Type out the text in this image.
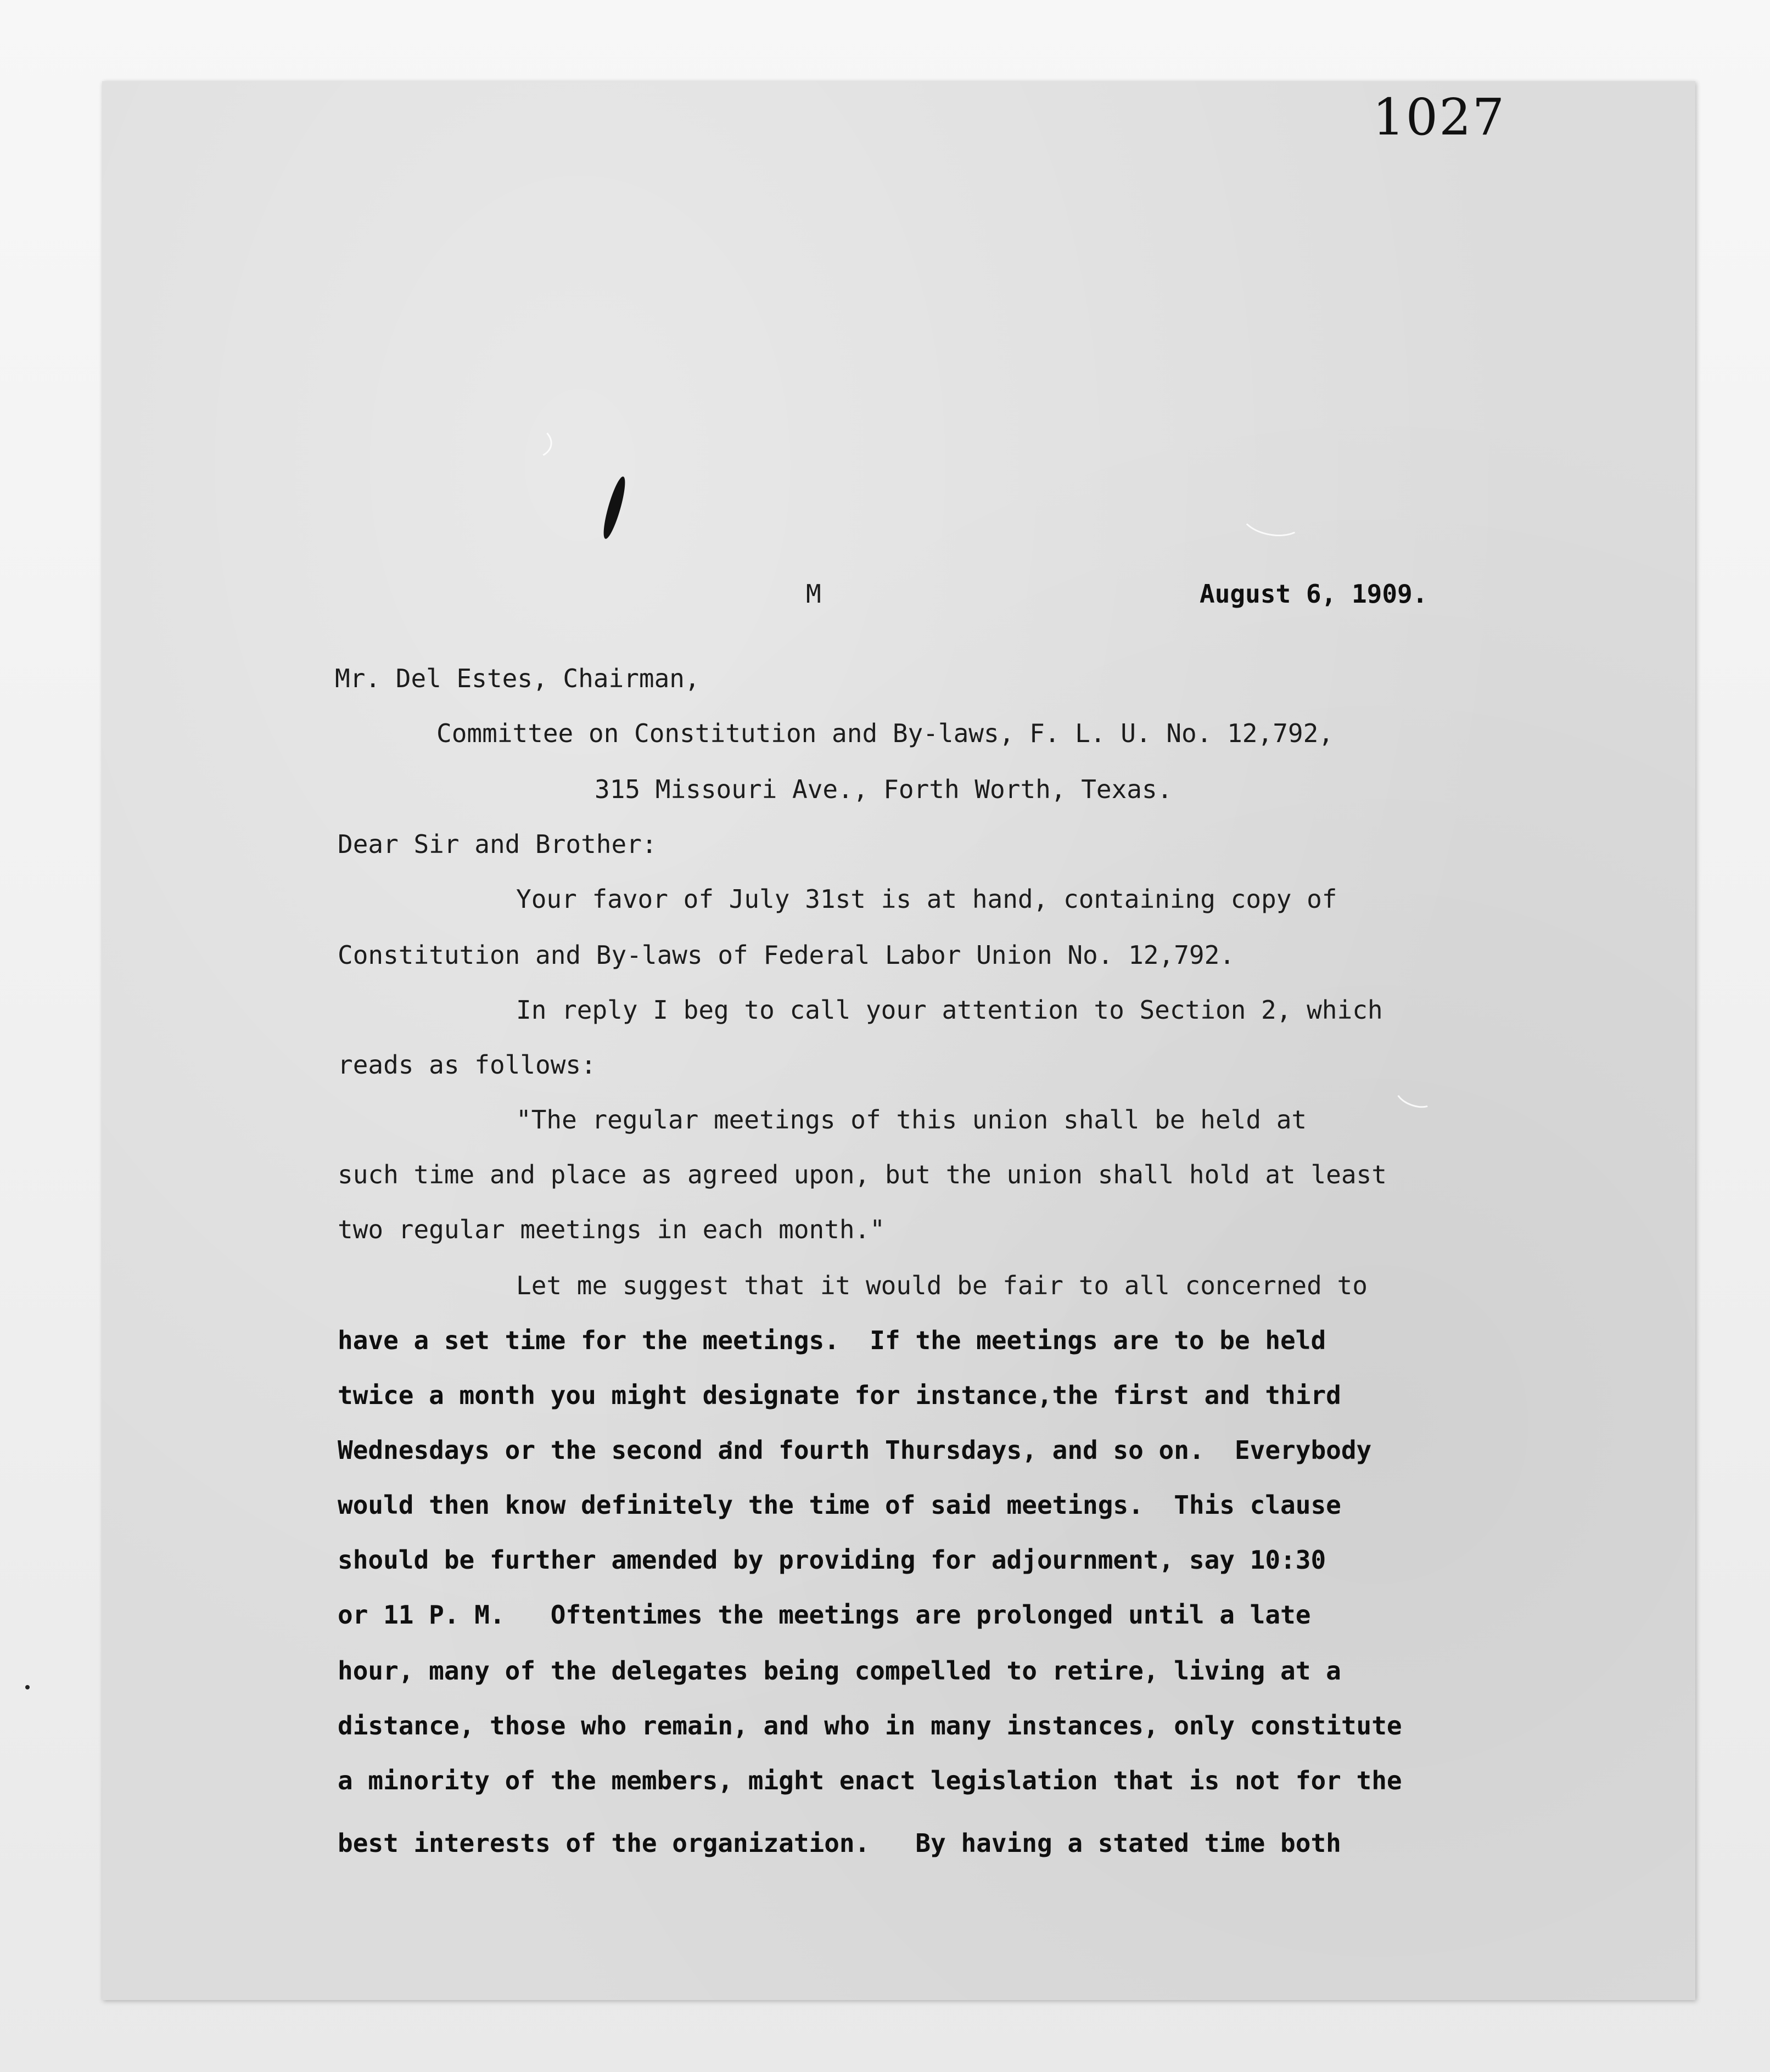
1027

M	August 6, 1909.

Mr. Del Estes, Chairman,

Committee on Constitution and By-laws, F. L. U. No. 12,792,

315 Missouri Ave., Forth Worth, Texas.

Dear Sir and Brother:

Your favor of July 31st is at hand, containing copy of

Constitution and By-laws of Federal Labor Union No. 12,792.

In reply I beg to call your attention to Section 2, which

reads as follows:

"The regular meetings of this union shall be held at

such time and place as agreed upon, but the union shall hold at least

two regular meetings in each month."

Let me suggest that it would be fair to all concerned to

have a set time for the meetings.  If the meetings are to be held

twice a month you might designate for instance,the first and third

Wednesdays or the second and fourth Thursdays, and so on.  Everybody

would then know definitely the time of said meetings.  This clause

should be further amended by providing for adjournment, say 10:30

or 11 P. M.   Oftentimes the meetings are prolonged until a late

hour, many of the delegates being compelled to retire, living at a

distance, those who remain, and who in many instances, only constitute

a minority of the members, might enact legislation that is not for the

best interests of the organization.   By having a stated time both
